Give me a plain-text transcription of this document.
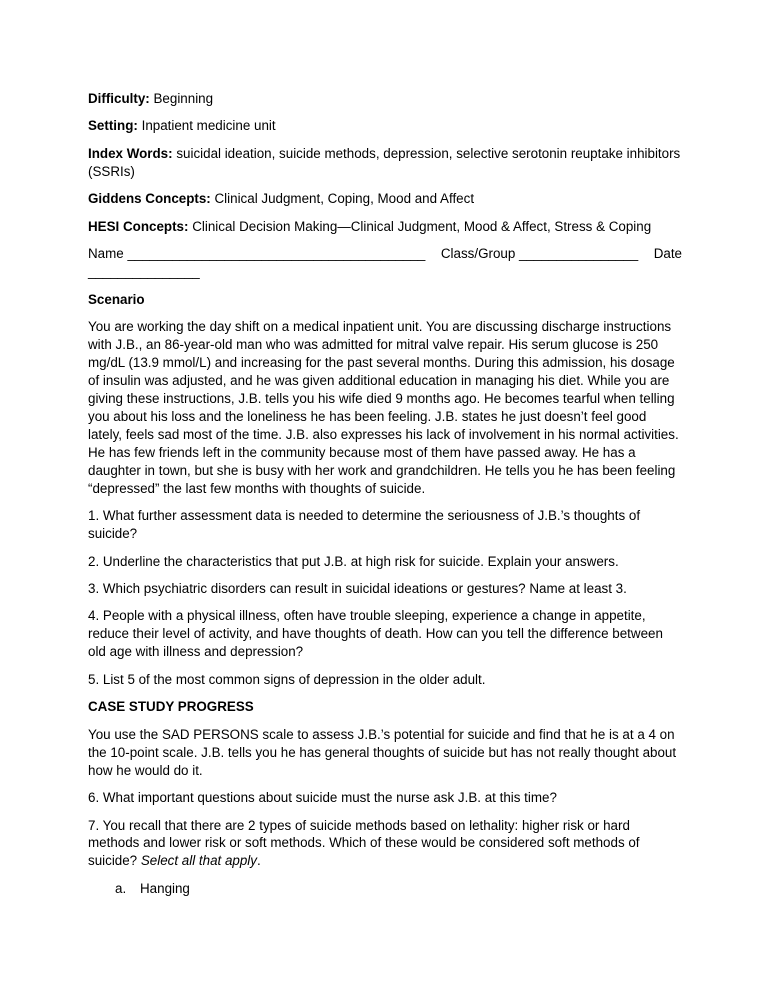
Difficulty: Beginning

Setting: Inpatient medicine unit

Index Words: suicidal ideation, suicide methods, depression, selective serotonin reuptake inhibitors (SSRIs)

Giddens Concepts: Clinical Judgment, Coping, Mood and Affect

HESI Concepts: Clinical Decision Making—Clinical Judgment, Mood & Affect, Stress & Coping

Name ________________________________________ Class/Group ________________ Date

_______________

Scenario

You are working the day shift on a medical inpatient unit. You are discussing discharge instructions with J.B., an 86-year-old man who was admitted for mitral valve repair. His serum glucose is 250 mg/dL (13.9 mmol/L) and increasing for the past several months. During this admission, his dosage of insulin was adjusted, and he was given additional education in managing his diet. While you are giving these instructions, J.B. tells you his wife died 9 months ago. He becomes tearful when telling you about his loss and the loneliness he has been feeling. J.B. states he just doesn’t feel good lately, feels sad most of the time. J.B. also expresses his lack of involvement in his normal activities. He has few friends left in the community because most of them have passed away. He has a daughter in town, but she is busy with her work and grandchildren. He tells you he has been feeling “depressed” the last few months with thoughts of suicide.

1. What further assessment data is needed to determine the seriousness of J.B.’s thoughts of suicide?

2. Underline the characteristics that put J.B. at high risk for suicide. Explain your answers.

3. Which psychiatric disorders can result in suicidal ideations or gestures? Name at least 3.

4. People with a physical illness, often have trouble sleeping, experience a change in appetite, reduce their level of activity, and have thoughts of death. How can you tell the difference between old age with illness and depression?

5. List 5 of the most common signs of depression in the older adult.

CASE STUDY PROGRESS

You use the SAD PERSONS scale to assess J.B.’s potential for suicide and find that he is at a 4 on the 10-point scale. J.B. tells you he has general thoughts of suicide but has not really thought about how he would do it.

6. What important questions about suicide must the nurse ask J.B. at this time?

7. You recall that there are 2 types of suicide methods based on lethality: higher risk or hard methods and lower risk or soft methods. Which of these would be considered soft methods of suicide? Select all that apply.

a. Hanging
